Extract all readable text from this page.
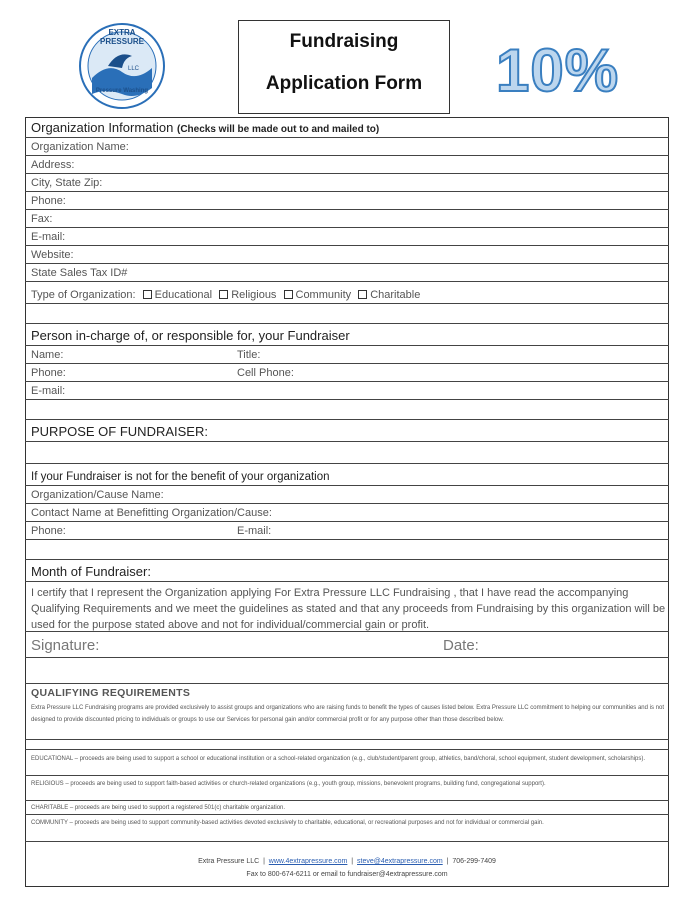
EXTRA PRESSURE
LLC
Pressure Washing
Fundraising
Application Form	10%
Organization Information (Checks will be made out to and mailed to)
Organization Name:
Address:
City, State Zip:
Phone:
Fax:
E-mail:
Website:
State Sales Tax ID#
Type of Organization: Educational Religious Community Charitable
Person in-charge of, or responsible for, your Fundraiser
Name:	Title:
Phone:	Cell Phone:
E-mail:
PURPOSE OF FUNDRAISER:
If your Fundraiser is not for the benefit of your organization
Organization/Cause Name:
Contact Name at Benefitting Organization/Cause:
Phone:	E-mail:
Month of Fundraiser:
I certify that I represent the Organization applying For Extra Pressure LLC Fundraising , that I have read the accompanying Qualifying Requirements and we meet the guidelines as stated and that any proceeds from Fundraising by this organization will be used for the purpose stated above and not for individual/commercial gain or profit.
Signature:	Date:
QUALIFYING REQUIREMENTS
Extra Pressure LLC Fundraising programs are provided exclusively to assist groups and organizations who are raising funds to benefit the types of causes listed below. Extra Pressure LLC commitment to helping our communities and is not designed to provide discounted pricing to individuals or groups to use our Services for personal gain and/or commercial profit or for any purpose other than those described below.
EDUCATIONAL – proceeds are being used to support a school or educational institution or a school-related organization (e.g., club/student/parent group, athletics, band/choral, school equipment, student development, scholarships).
RELIGIOUS – proceeds are being used to support faith-based activities or church-related organizations (e.g., youth group, missions, benevolent programs, building fund, congregational support).
CHARITABLE – proceeds are being used to support a registered 501(c) charitable organization.
COMMUNITY – proceeds are being used to support community-based activities devoted exclusively to charitable, educational, or recreational purposes and not for individual or commercial gain.
Extra Pressure LLC  |  www.4extrapressure.com  |  steve@4extrapressure.com  |  706-299-7409
Fax to 800-674-6211 or email to fundraiser@4extrapressure.com
